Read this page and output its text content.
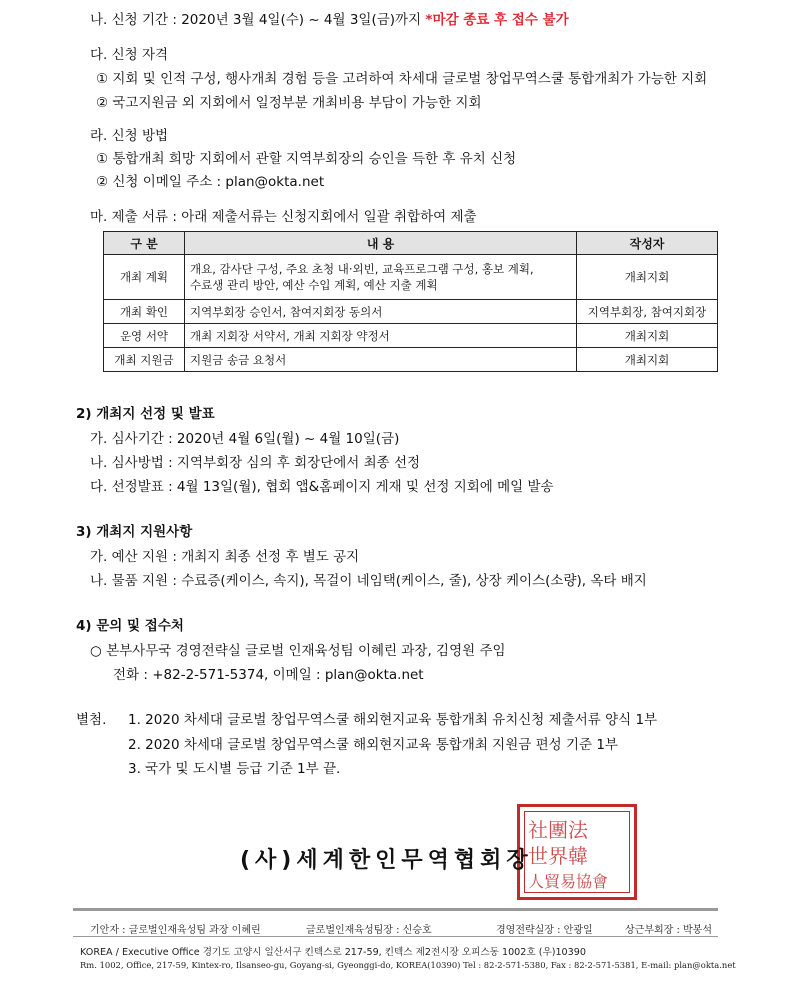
나. 신청 기간 : 2020년 3월 4일(수) ~ 4월 3일(금)까지 *마감 종료 후 접수 불가
다. 신청 자격
① 지회 및 인적 구성, 행사개최 경험 등을 고려하여 차세대 글로벌 창업무역스쿨 통합개최가 가능한 지회
② 국고지원금 외 지회에서 일정부분 개최비용 부담이 가능한 지회
라. 신청 방법
① 통합개최 희망 지회에서 관할 지역부회장의 승인을 득한 후 유치 신청
② 신청 이메일 주소 : plan@okta.net
마. 제출 서류 : 아래 제출서류는 신청지회에서 일괄 취합하여 제출
구 분	내 용	작성자
개최 계획	개요, 감사단 구성, 주요 초청 내·외빈, 교육프로그램 구성, 홍보 계획,
수료생 관리 방안, 예산 수입 계획, 예산 지출 계획	개최지회
개최 확인	지역부회장 승인서, 참여지회장 동의서	지역부회장, 참여지회장
운영 서약	개최 지회장 서약서, 개최 지회장 약정서	개최지회
개최 지원금	지원금 송금 요청서	개최지회
2) 개최지 선정 및 발표
가. 심사기간 : 2020년 4월 6일(월) ~ 4월 10일(금)
나. 심사방법 : 지역부회장 심의 후 회장단에서 최종 선정
다. 선정발표 : 4월 13일(월), 협회 앱&홈페이지 게재 및 선정 지회에 메일 발송
3) 개최지 지원사항
가. 예산 지원 : 개최지 최종 선정 후 별도 공지
나. 물품 지원 : 수료증(케이스, 속지), 목걸이 네임택(케이스, 줄), 상장 케이스(소량), 옥타 배지
4) 문의 및 접수처
○ 본부사무국 경영전략실 글로벌 인재육성팀 이혜린 과장, 김영원 주임
전화 : +82-2-571-5374, 이메일 : plan@okta.net
별첨. 1. 2020 차세대 글로벌 창업무역스쿨 해외현지교육 통합개최 유치신청 제출서류 양식 1부
2. 2020 차세대 글로벌 창업무역스쿨 해외현지교육 통합개최 지원금 편성 기준 1부
3. 국가 및 도시별 등급 기준 1부 끝.
社團法
世界韓
人貿易協會
(사)세계한인무역협회장
기안자 : 글로벌인재육성팀 과장 이혜린	글로벌인재육성팀장 : 신승호	경영전략실장 : 안광일	상근부회장 : 박봉석
KOREA / Executive Office 경기도 고양시 일산서구 킨텍스로 217-59, 킨텍스 제2전시장 오피스동 1002호 (우)10390
Rm. 1002, Office, 217-59, Kintex-ro, Ilsanseo-gu, Goyang-si, Gyeonggi-do, KOREA(10390) Tel : 82-2-571-5380, Fax : 82-2-571-5381, E-mail: plan@okta.net
